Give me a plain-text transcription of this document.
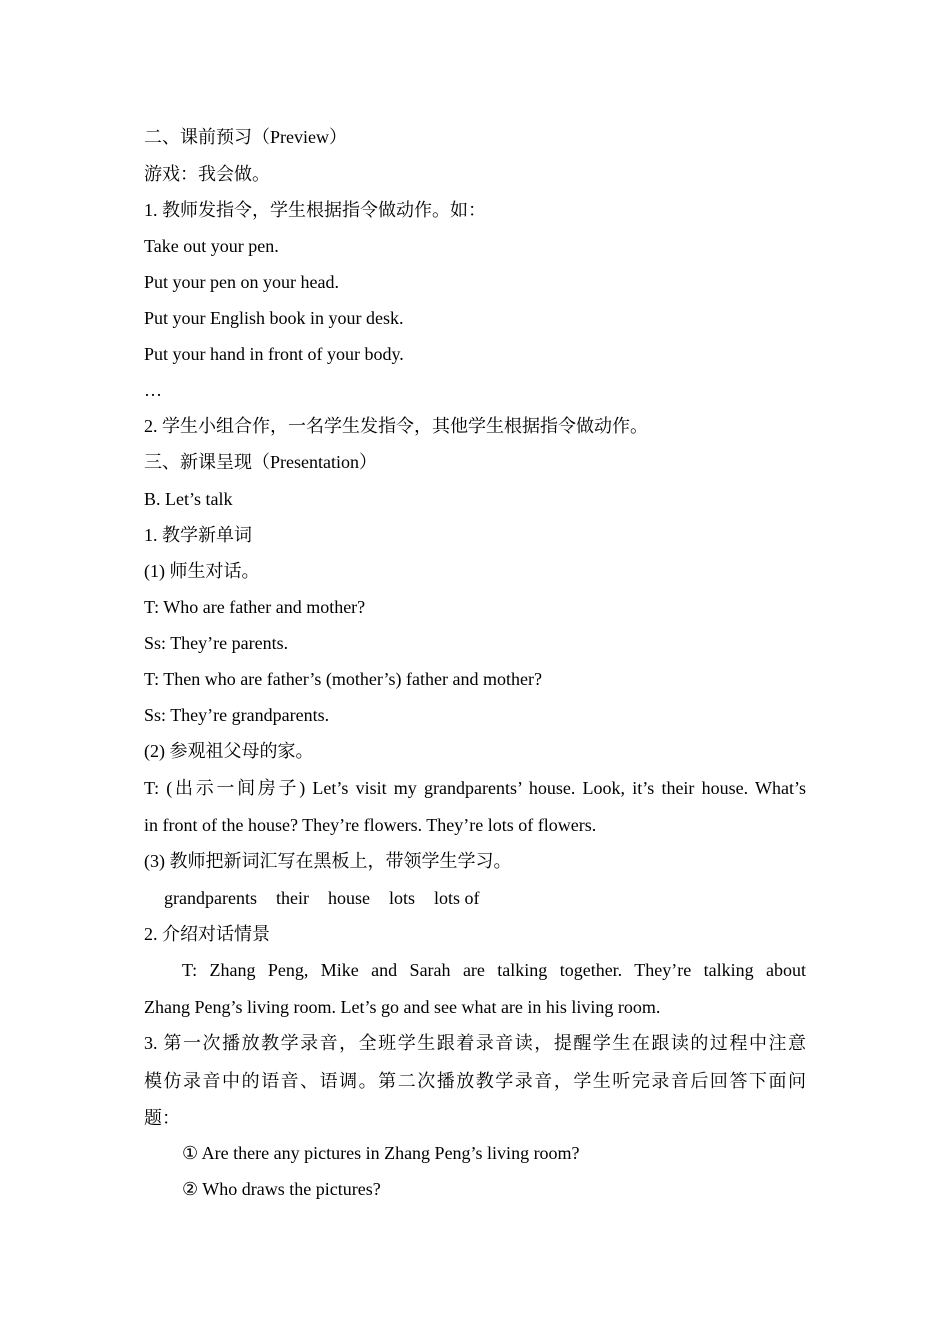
二、课前预习（Preview）
游戏：我会做。
1. 教师发指令，学生根据指令做动作。如：
Take out your pen.
Put your pen on your head.
Put your English book in your desk.
Put your hand in front of your body.
…
2. 学生小组合作，一名学生发指令，其他学生根据指令做动作。
三、新课呈现（Presentation）
B. Let’s talk
1. 教学新单词
(1) 师生对话。
T: Who are father and mother?
Ss: They’re parents.
T: Then who are father’s (mother’s) father and mother?
Ss: They’re grandparents.
(2) 参观祖父母的家。
T: (出示一间房子) Let’s visit my grandparents’ house. Look, it’s their house. What’s
in front of the house? They’re flowers. They’re lots of flowers.
(3) 教师把新词汇写在黑板上，带领学生学习。
grandparents their house lots lots of
2. 介绍对话情景
T: Zhang Peng, Mike and Sarah are talking together. They’re talking about
Zhang Peng’s living room. Let’s go and see what are in his living room.
3. 第一次播放教学录音，全班学生跟着录音读，提醒学生在跟读的过程中注意
模仿录音中的语音、语调。第二次播放教学录音，学生听完录音后回答下面问
题：
① Are there any pictures in Zhang Peng’s living room?
② Who draws the pictures?
